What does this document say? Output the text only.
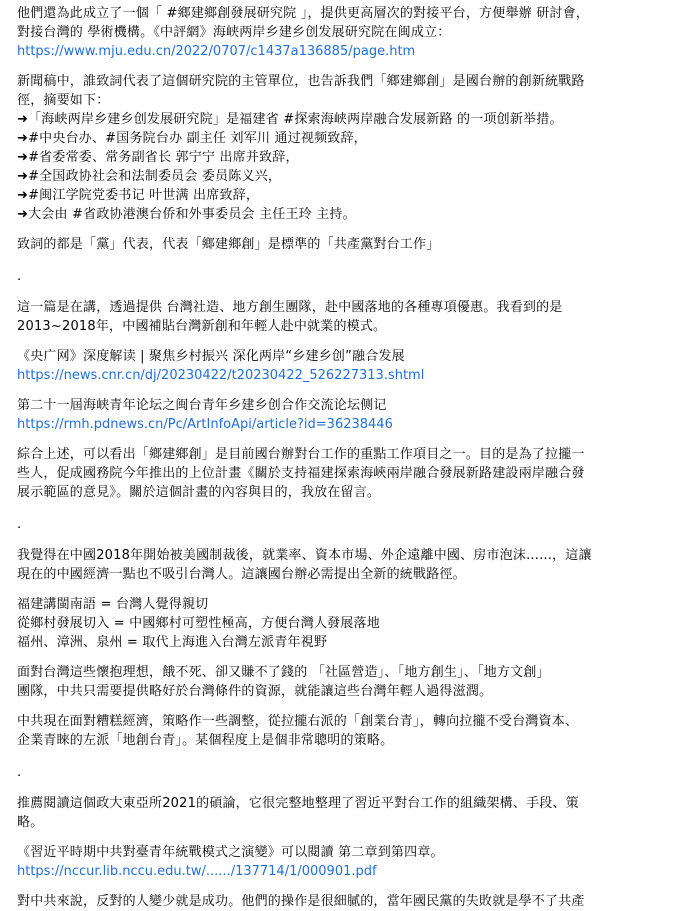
他們還為此成立了一個「 #鄉建鄉創發展研究院 」，提供更高層次的對接平台，方便舉辦 研討會，
對接台灣的 學術機構。《中評網》海峡两岸乡建乡创发展研究院在闽成立：
https://www.mju.edu.cn/2022/0707/c1437a136885/page.htm
新聞稿中，誰致詞代表了這個研究院的主管單位，也告訴我們「鄉建鄉創」是國台辦的創新統戰路
徑，摘要如下：
➜「海峡两岸乡建乡创发展研究院」是福建省 #探索海峡两岸融合发展新路 的一项创新举措。
➜#中央台办、#国务院台办 副主任 刘军川 通过视频致辞，
➜#省委常委、常务副省长 郭宁宁 出席并致辞，
➜#全国政协社会和法制委员会 委员陈义兴，
➜#闽江学院党委书记 叶世满 出席致辞，
➜大会由 #省政协港澳台侨和外事委员会 主任王玲 主持。
致詞的都是「黨」代表，代表「鄉建鄉創」是標準的「共產黨對台工作」
.
這一篇是在講，透過提供 台灣社造、地方創生團隊，赴中國落地的各種專項優惠。我看到的是
2013~2018年，中國補貼台灣新創和年輕人赴中就業的模式。
《央广网》深度解读 | 聚焦乡村振兴 深化两岸“乡建乡创”融合发展
https://news.cnr.cn/dj/20230422/t20230422_526227313.shtml
第二十一屆海峡青年论坛之闽台青年乡建乡创合作交流论坛侧记
https://rmh.pdnews.cn/Pc/ArtInfoApi/article?id=36238446
綜合上述，可以看出「鄉建鄉創」是目前國台辦對台工作的重點工作項目之一。目的是為了拉攏一
些人，促成國務院今年推出的上位計畫《關於支持福建探索海峽兩岸融合發展新路建設兩岸融合發
展示範區的意見》。關於這個計畫的內容與目的，我放在留言。
.
我覺得在中國2018年開始被美國制裁後，就業率、資本市場、外企遠離中國、房市泡沫......，這讓
現在的中國經濟一點也不吸引台灣人。這讓國台辦必需提出全新的統戰路徑。
福建講閩南語 = 台灣人覺得親切
從鄉村發展切入 = 中國鄉村可塑性極高，方便台灣人發展落地
福州、漳洲、泉州 = 取代上海進入台灣左派青年視野
面對台灣這些懷抱理想，餓不死、卻又賺不了錢的 「社區營造」、「地方創生」、「地方文創」
團隊，中共只需要提供略好於台灣條件的資源，就能讓這些台灣年輕人過得滋潤。
中共現在面對糟糕經濟，策略作一些調整，從拉攏右派的「創業台青」，轉向拉攏不受台灣資本、
企業青睞的左派「地創台青」。某個程度上是個非常聰明的策略。
.
推薦閱讀這個政大東亞所2021的碩論，它很完整地整理了習近平對台工作的組織架構、手段、策
略。
《習近平時期中共對臺青年統戰模式之演變》可以閱讀 第二章到第四章。
https://nccur.lib.nccu.edu.tw/....../137714/1/000901.pdf
對中共來說，反對的人變少就是成功。他們的操作是很細膩的，當年國民黨的失敗就是學不了共產
